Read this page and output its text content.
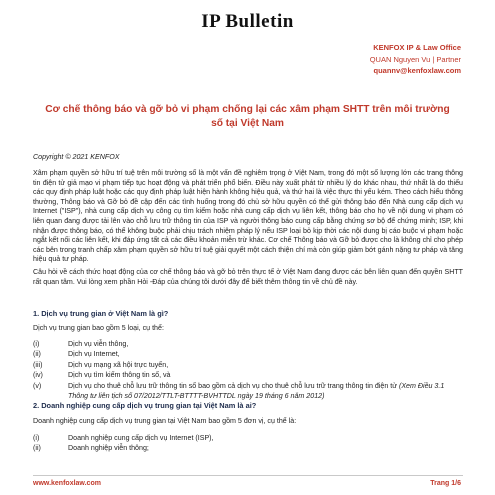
IP Bulletin
KENFOX IP & Law Office
QUAN Nguyen Vu | Partner
quannv@kenfoxlaw.com
Cơ chế thông báo và gỡ bỏ vi phạm chống lại các xâm phạm SHTT trên môi trường số tại Việt Nam
Copyright © 2021 KENFOX
Xâm phạm quyền sở hữu trí tuệ trên môi trường số là một vấn đề nghiêm trọng ở Việt Nam, trong đó một số lượng lớn các trang thông tin điện tử giả mạo vi phạm tiếp tục hoạt động và phát triển phổ biến. Điều này xuất phát từ nhiều lý do khác nhau, thứ nhất là do thiếu các quy định pháp luật hoặc các quy định pháp luật hiện hành không hiệu quả, và thứ hai là việc thực thi yếu kém. Theo cách hiểu thông thường, Thông báo và Gỡ bỏ đề cập đến các tình huống trong đó chủ sở hữu quyền có thể gửi thông báo đến Nhà cung cấp dịch vụ Internet ("ISP"), nhà cung cấp dịch vụ công cụ tìm kiếm hoặc nhà cung cấp dịch vụ liên kết, thông báo cho họ về nội dung vi phạm có liên quan đang được tải lên vào chỗ lưu trữ thông tin của ISP và người thông báo cung cấp bằng chứng sơ bộ để chứng minh; ISP, khi nhận được thông báo, có thể không buộc phải chịu trách nhiệm pháp lý nếu ISP loại bỏ kịp thời các nội dung bị cáo buộc vi phạm hoặc ngắt kết nối các liên kết, khi đáp ứng tất cả các điều khoản miễn trừ khác. Cơ chế Thông báo và Gỡ bỏ được cho là không chỉ cho phép các bên trong tranh chấp xâm phạm quyền sở hữu trí tuệ giải quyết một cách thiện chí mà còn giúp giảm bớt gánh nặng tư pháp và tăng hiệu quả tư pháp.
Câu hỏi về cách thức hoạt động của cơ chế thông báo và gỡ bỏ trên thực tế ở Việt Nam đang được các bên liên quan đến quyền SHTT rất quan tâm. Vui lòng xem phần Hỏi -Đáp của chúng tôi dưới đây để biết thêm thông tin về chủ đề này.
1. Dịch vụ trung gian ở Việt Nam là gì?
Dịch vụ trung gian bao gồm 5 loại, cụ thể:
(i)	Dịch vụ viễn thông,
(ii)	Dịch vụ Internet,
(iii)	Dịch vụ mạng xã hội trực tuyến,
(iv)	Dịch vụ tìm kiếm thông tin số, và
(v)	Dịch vụ cho thuê chỗ lưu trữ thông tin số bao gồm cả dịch vụ cho thuê chỗ lưu trữ trang thông tin điện tử (Xem Điều 3.1 Thông tư liên tịch số 07/2012/TTLT-BTTTT-BVHTTDL ngày 19 tháng 6 năm 2012)
2. Doanh nghiệp cung cấp dịch vụ trung gian tại Việt Nam là ai?
Doanh nghiệp cung cấp dịch vụ trung gian tại Việt Nam bao gồm 5 đơn vị, cụ thể là:
(i)	Doanh nghiệp cung cấp dịch vụ Internet (ISP),
(ii)	Doanh nghiệp viễn thông;
www.kenfoxlaw.com	Trang 1/6
